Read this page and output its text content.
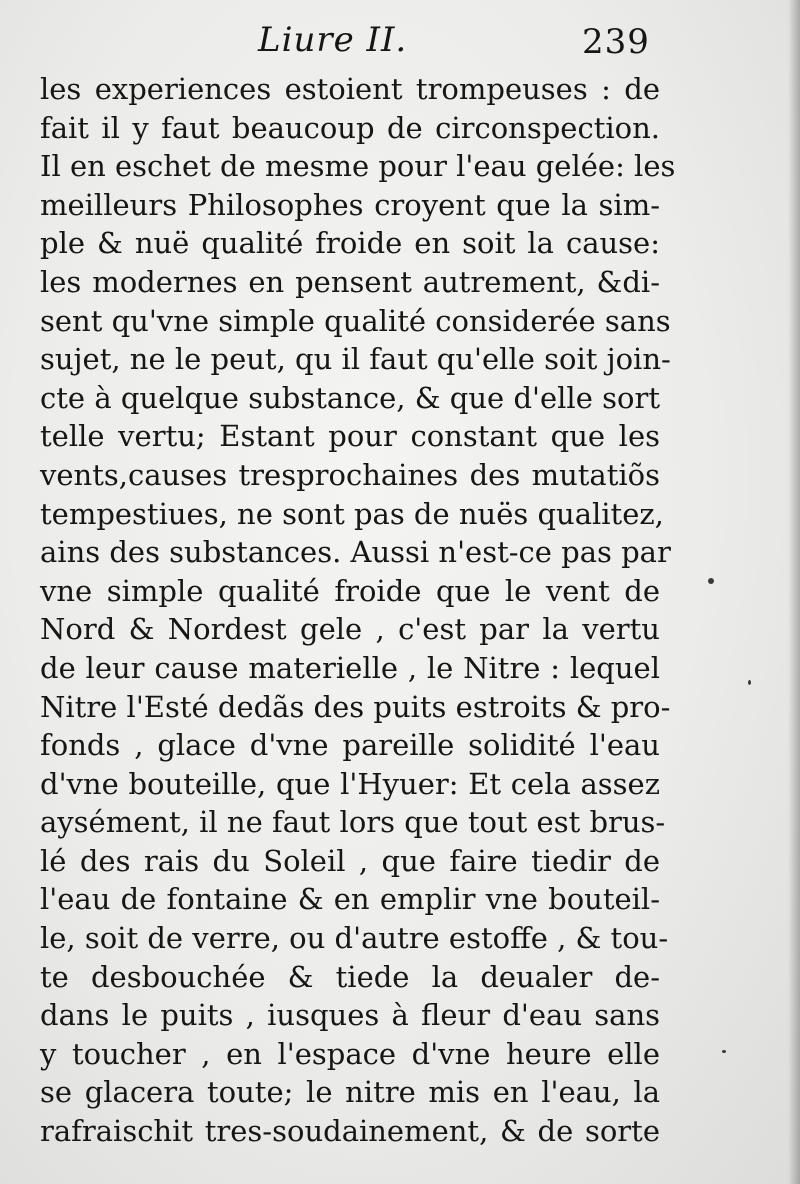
Liure II.	239
les experiences estoient trompeuses : de
fait il y faut beaucoup de circonspection.
Il en eschet de mesme pour l'eau gelée: les
meilleurs Philosophes croyent que la sim-
ple & nuë qualité froide en soit la cause:
les modernes en pensent autrement, &di-
sent qu'vne simple qualité considerée sans
sujet, ne le peut, qu il faut qu'elle soit join-
cte à quelque substance, & que d'elle sort
telle vertu; Estant pour constant que les
vents,causes tresprochaines des mutatiõs
tempestiues, ne sont pas de nuës qualitez,
ains des substances. Aussi n'est-ce pas par
vne simple qualité froide que le vent de
Nord & Nordest gele , c'est par la vertu
de leur cause materielle , le Nitre : lequel
Nitre l'Esté dedãs des puits estroits & pro-
fonds , glace d'vne pareille solidité l'eau
d'vne bouteille, que l'Hyuer: Et cela assez
aysément, il ne faut lors que tout est brus-
lé des rais du Soleil , que faire tiedir de
l'eau de fontaine & en emplir vne bouteil-
le, soit de verre, ou d'autre estoffe , & tou-
te desbouchée & tiede la deualer de-
dans le puits , iusques à fleur d'eau sans
y toucher , en l'espace d'vne heure elle
se glacera toute; le nitre mis en l'eau, la
rafraischit tres-soudainement, & de sorte
